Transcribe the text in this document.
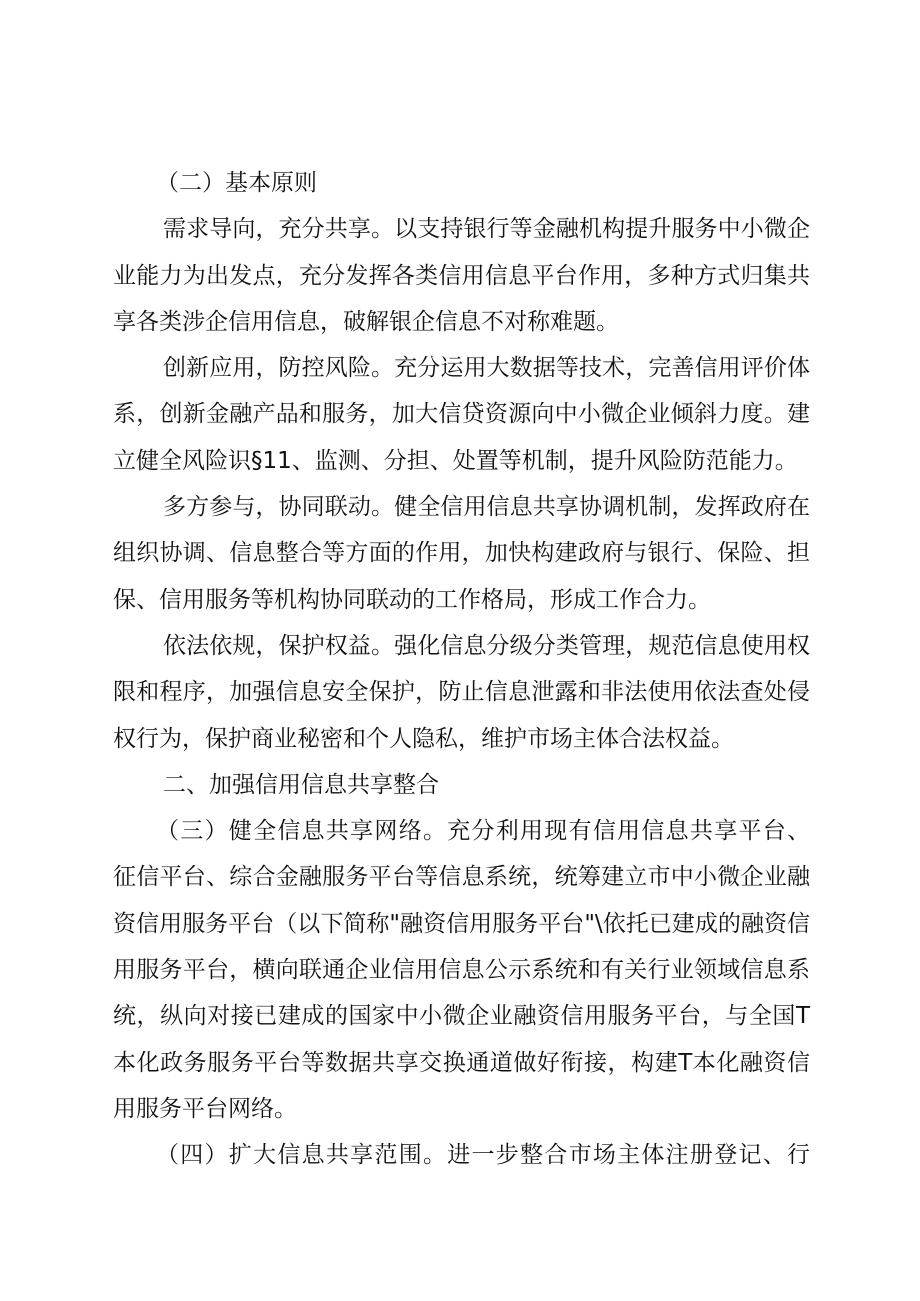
（二）基本原则
需求导向，充分共享。以支持银行等金融机构提升服务中小微企
业能力为出发点，充分发挥各类信用信息平台作用，多种方式归集共
享各类涉企信用信息，破解银企信息不对称难题。
创新应用，防控风险。充分运用大数据等技术，完善信用评价体
系，创新金融产品和服务，加大信贷资源向中小微企业倾斜力度。建
立健全风险识§11、监测、分担、处置等机制，提升风险防范能力。
多方参与，协同联动。健全信用信息共享协调机制，发挥政府在
组织协调、信息整合等方面的作用，加快构建政府与银行、保险、担
保、信用服务等机构协同联动的工作格局，形成工作合力。
依法依规，保护权益。强化信息分级分类管理，规范信息使用权
限和程序，加强信息安全保护，防止信息泄露和非法使用依法查处侵
权行为，保护商业秘密和个人隐私，维护市场主体合法权益。
二、加强信用信息共享整合
（三）健全信息共享网络。充分利用现有信用信息共享平台、
征信平台、综合金融服务平台等信息系统，统筹建立市中小微企业融
资信用服务平台（以下简称"融资信用服务平台"\依托已建成的融资信
用服务平台，横向联通企业信用信息公示系统和有关行业领域信息系
统，纵向对接已建成的国家中小微企业融资信用服务平台，与全国T
本化政务服务平台等数据共享交换通道做好衔接，构建T本化融资信
用服务平台网络。
（四）扩大信息共享范围。进一步整合市场主体注册登记、行
